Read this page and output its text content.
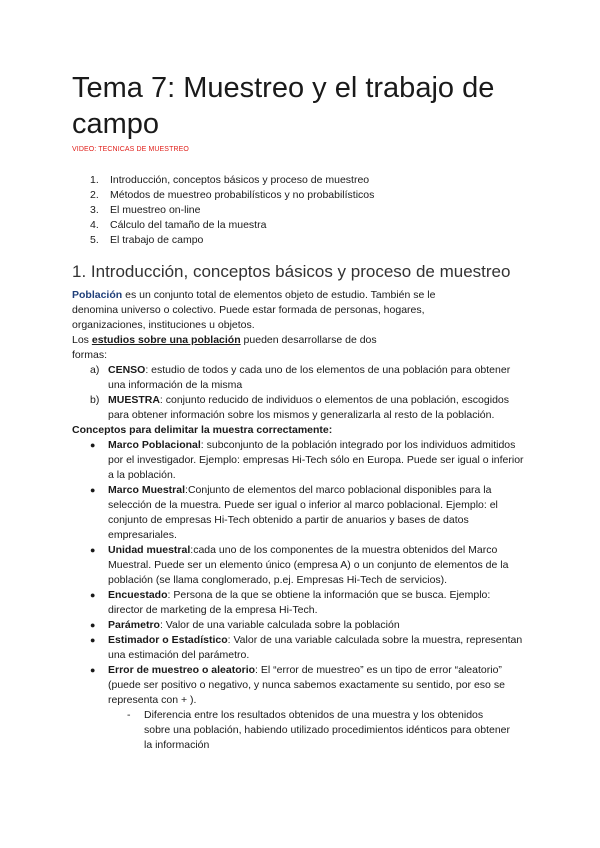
Tema 7: Muestreo y el trabajo de campo
VIDEO: TECNICAS DE MUESTREO
1.	Introducción, conceptos básicos y proceso de muestreo
2.	Métodos de muestreo probabilísticos y no probabilísticos
3.	El muestreo on-line
4.	Cálculo del tamaño de la muestra
5.	El trabajo de campo
1. Introducción, conceptos básicos y proceso de muestreo

Población es un conjunto total de elementos objeto de estudio. También se le denomina universo o colectivo. Puede estar formada de personas, hogares, organizaciones, instituciones u objetos.

Los estudios sobre una población pueden desarrollarse de dos formas:

a) CENSO: estudio de todos y cada uno de los elementos de una población para obtener una información de la misma
b) MUESTRA: conjunto reducido de individuos o elementos de una población, escogidos para obtener información sobre los mismos y generalizarla al resto de la población.

Conceptos para delimitar la muestra correctamente:

●	Marco Poblacional: subconjunto de la población integrado por los individuos admitidos por el investigador. Ejemplo: empresas Hi-Tech sólo en Europa. Puede ser igual o inferior a la población.
●	Marco Muestral:Conjunto de elementos del marco poblacional disponibles para la selección de la muestra. Puede ser igual o inferior al marco poblacional. Ejemplo: el conjunto de empresas Hi-Tech obtenido a partir de anuarios y bases de datos empresariales.
●	Unidad muestral:cada uno de los componentes de la muestra obtenidos del Marco Muestral. Puede ser un elemento único (empresa A) o un conjunto de elementos de la población (se llama conglomerado, p.ej. Empresas Hi-Tech de servicios).
●	Encuestado: Persona de la que se obtiene la información que se busca. Ejemplo: director de marketing de la empresa Hi-Tech.
●	Parámetro: Valor de una variable calculada sobre la población
●	Estimador o Estadístico: Valor de una variable calculada sobre la muestra, representan una estimación del parámetro.
●	Error de muestreo o aleatorio: El “error de muestreo” es un tipo de error “aleatorio” (puede ser positivo o negativo, y nunca sabemos exactamente su sentido, por eso se representa con + ).
-	Diferencia entre los resultados obtenidos de una muestra y los obtenidos sobre una población, habiendo utilizado procedimientos idénticos para obtener la información
